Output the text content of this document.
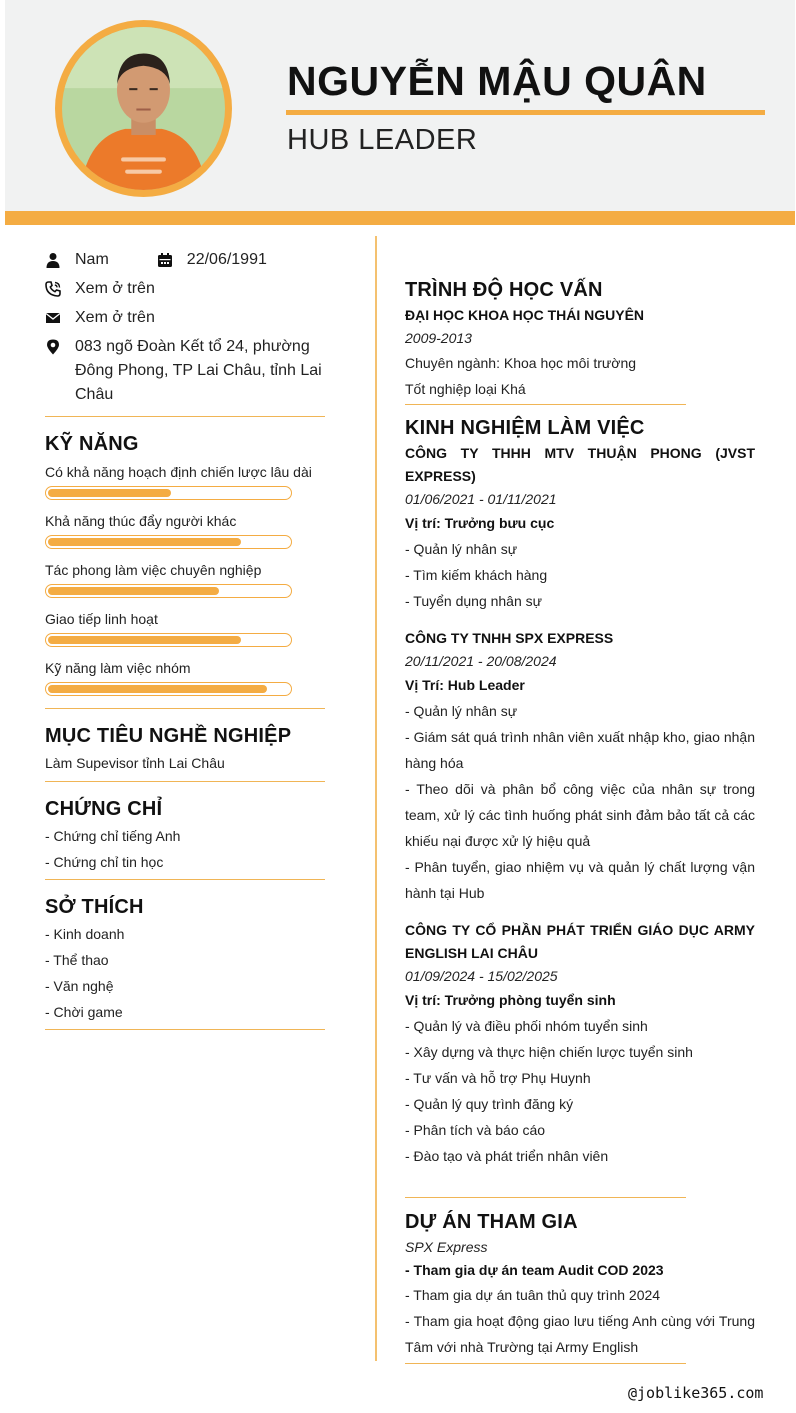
NGUYỄN MẬU QUÂN
HUB LEADER
Nam	22/06/1991
Xem ở trên
Xem ở trên
083 ngõ Đoàn Kết tổ 24, phường Đông Phong, TP Lai Châu, tỉnh Lai Châu
KỸ NĂNG
Có khả năng hoạch định chiến lược lâu dài
Khả năng thúc đẩy người khác
Tác phong làm việc chuyên nghiệp
Giao tiếp linh hoạt
Kỹ năng làm việc nhóm
MỤC TIÊU NGHỀ NGHIỆP
Làm Supevisor tỉnh Lai Châu
CHỨNG CHỈ
- Chứng chỉ tiếng Anh
- Chứng chỉ tin học
SỞ THÍCH
- Kinh doanh
- Thể thao
- Văn nghệ
- Chời game
TRÌNH ĐỘ HỌC VẤN
ĐẠI HỌC KHOA HỌC THÁI NGUYÊN
2009-2013
Chuyên ngành: Khoa học môi trường
Tốt nghiệp loại Khá
KINH NGHIỆM LÀM VIỆC
CÔNG TY THHH MTV THUẬN PHONG (JVST EXPRESS)
01/06/2021 - 01/11/2021
Vị trí: Trưởng bưu cục
- Quản lý nhân sự
- Tìm kiếm khách hàng
- Tuyển dụng nhân sự
CÔNG TY TNHH SPX EXPRESS
20/11/2021 - 20/08/2024
Vị Trí: Hub Leader
- Quản lý nhân sự
- Giám sát quá trình nhân viên xuất nhập kho, giao nhận hàng hóa
- Theo dõi và phân bổ công việc của nhân sự trong team, xử lý các tình huống phát sinh đảm bảo tất cả các khiếu nại được xử lý hiệu quả
- Phân tuyển, giao nhiệm vụ và quản lý chất lượng vận hành tại Hub
CÔNG TY CỔ PHẦN PHÁT TRIỂN GIÁO DỤC ARMY ENGLISH LAI CHÂU
01/09/2024 - 15/02/2025
Vị trí: Trưởng phòng tuyển sinh
- Quản lý và điều phối nhóm tuyển sinh
- Xây dựng và thực hiện chiến lược tuyển sinh
- Tư vấn và hỗ trợ Phụ Huynh
- Quản lý quy trình đăng ký
- Phân tích và báo cáo
- Đào tạo và phát triển nhân viên
DỰ ÁN THAM GIA
SPX Express
- Tham gia dự án team Audit COD 2023
- Tham gia dự án tuân thủ quy trình 2024
- Tham gia hoạt động giao lưu tiếng Anh cùng với Trung Tâm với nhà Trường tại Army English
@joblike365.com
